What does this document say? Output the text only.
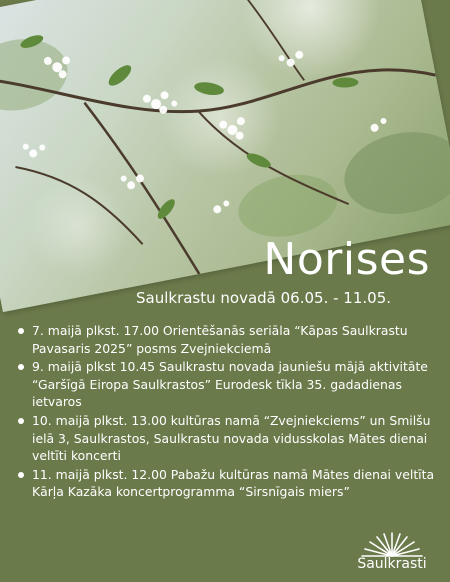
Norises
Saulkrastu novadā 06.05. - 11.05.
7. maijā plkst. 17.00 Orientēšanās seriāla “Kāpas Saulkrastu Pavasaris 2025” posms Zvejniekciemā
9. maijā plkst 10.45 Saulkrastu novada jauniešu mājā aktivitāte “Garšīgā Eiropa Saulkrastos” Eurodesk tīkla 35. gadadienas ietvaros
10. maijā plkst. 13.00 kultūras namā “Zvejniekciems” un Smilšu ielā 3, Saulkrastos, Saulkrastu novada vidusskolas Mātes dienai veltīti koncerti
11. maijā plkst. 12.00 Pabažu kultūras namā Mātes dienai veltīta Kārļa Kazāka koncertprogramma “Sirsnīgais miers”
Saulkrasti
